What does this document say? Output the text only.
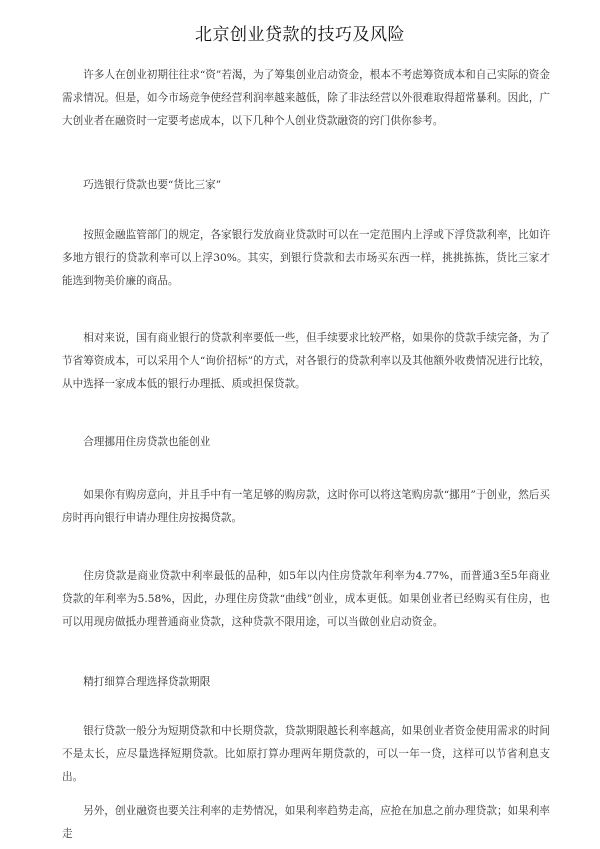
北京创业贷款的技巧及风险

许多人在创业初期往往求“资”若渴，为了筹集创业启动资金，根本不考虑筹资成本和自己实际的资金需求情况。但是，如今市场竞争使经营利润率越来越低，除了非法经营以外很难取得超常暴利。因此，广大创业者在融资时一定要考虑成本，以下几种个人创业贷款融资的窍门供你参考。

巧选银行贷款也要“货比三家”

按照金融监管部门的规定，各家银行发放商业贷款时可以在一定范围内上浮或下浮贷款利率，比如许多地方银行的贷款利率可以上浮30%。其实，到银行贷款和去市场买东西一样，挑挑拣拣，货比三家才能选到物美价廉的商品。

相对来说，国有商业银行的贷款利率要低一些，但手续要求比较严格，如果你的贷款手续完备，为了节省筹资成本，可以采用个人“询价招标”的方式，对各银行的贷款利率以及其他额外收费情况进行比较，从中选择一家成本低的银行办理抵、质或担保贷款。

合理挪用住房贷款也能创业

如果你有购房意向，并且手中有一笔足够的购房款，这时你可以将这笔购房款“挪用”于创业，然后买房时再向银行申请办理住房按揭贷款。

住房贷款是商业贷款中利率最低的品种，如5年以内住房贷款年利率为4.77%，而普通3至5年商业贷款的年利率为5.58%，因此，办理住房贷款“曲线”创业，成本更低。如果创业者已经购买有住房，也可以用现房做抵办理普通商业贷款，这种贷款不限用途，可以当做创业启动资金。

精打细算合理选择贷款期限

银行贷款一般分为短期贷款和中长期贷款，贷款期限越长利率越高，如果创业者资金使用需求的时间不是太长，应尽量选择短期贷款。比如原打算办理两年期贷款的，可以一年一贷，这样可以节省利息支出。

另外，创业融资也要关注利率的走势情况，如果利率趋势走高，应抢在加息之前办理贷款；如果利率走
